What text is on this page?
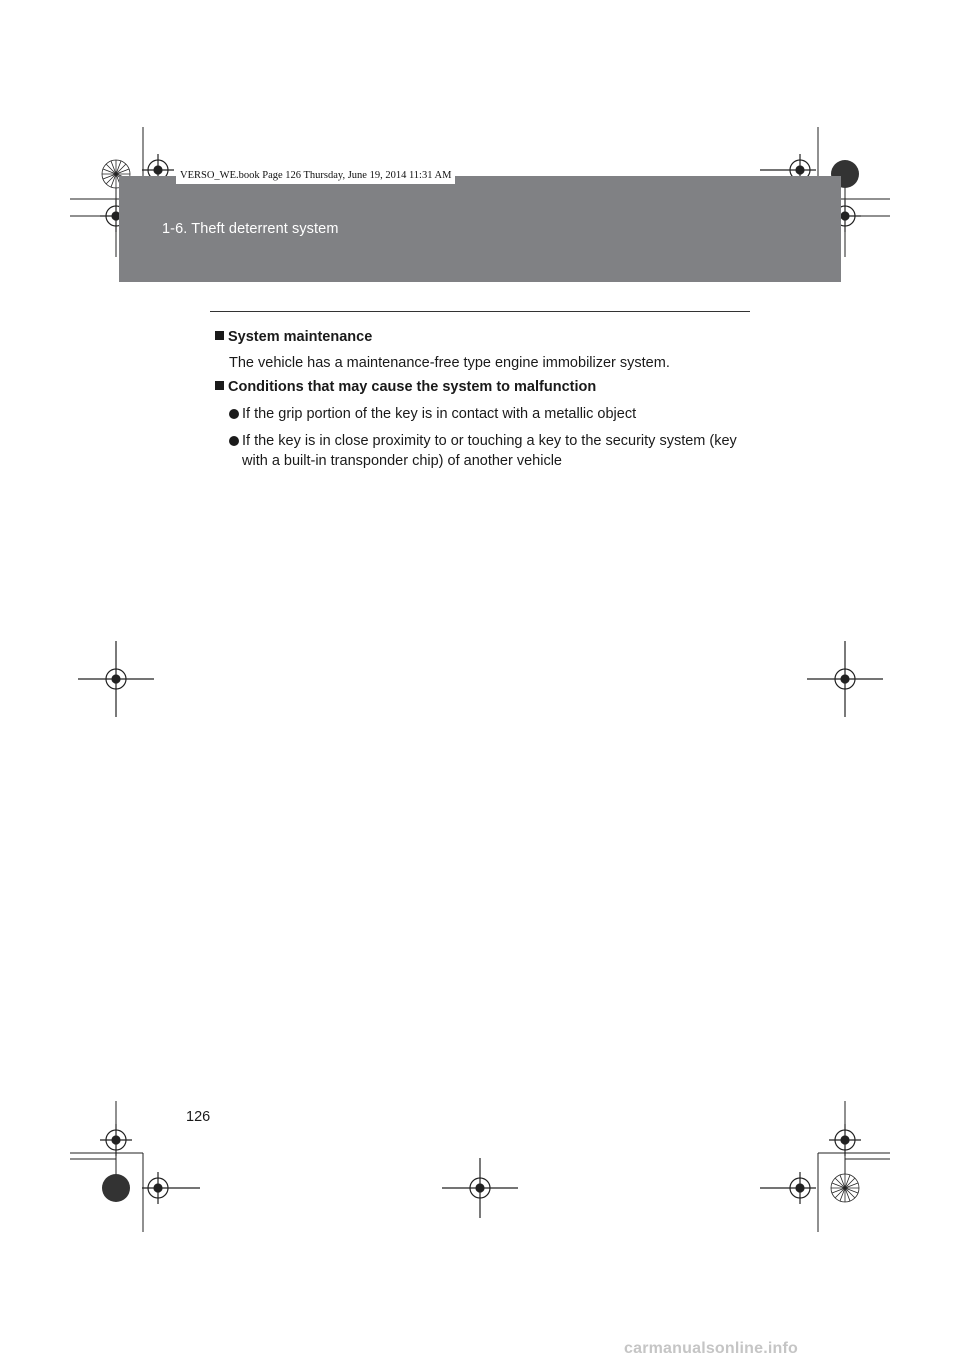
1-6. Theft deterrent system
VERSO_WE.book Page 126 Thursday, June 19, 2014 11:31 AM
System maintenance
The vehicle has a maintenance-free type engine immobilizer system.
Conditions that may cause the system to malfunction
If the grip portion of the key is in contact with a metallic object
If the key is in close proximity to or touching a key to the security system (key with a built-in transponder chip) of another vehicle
126
carmanualsonline.info
